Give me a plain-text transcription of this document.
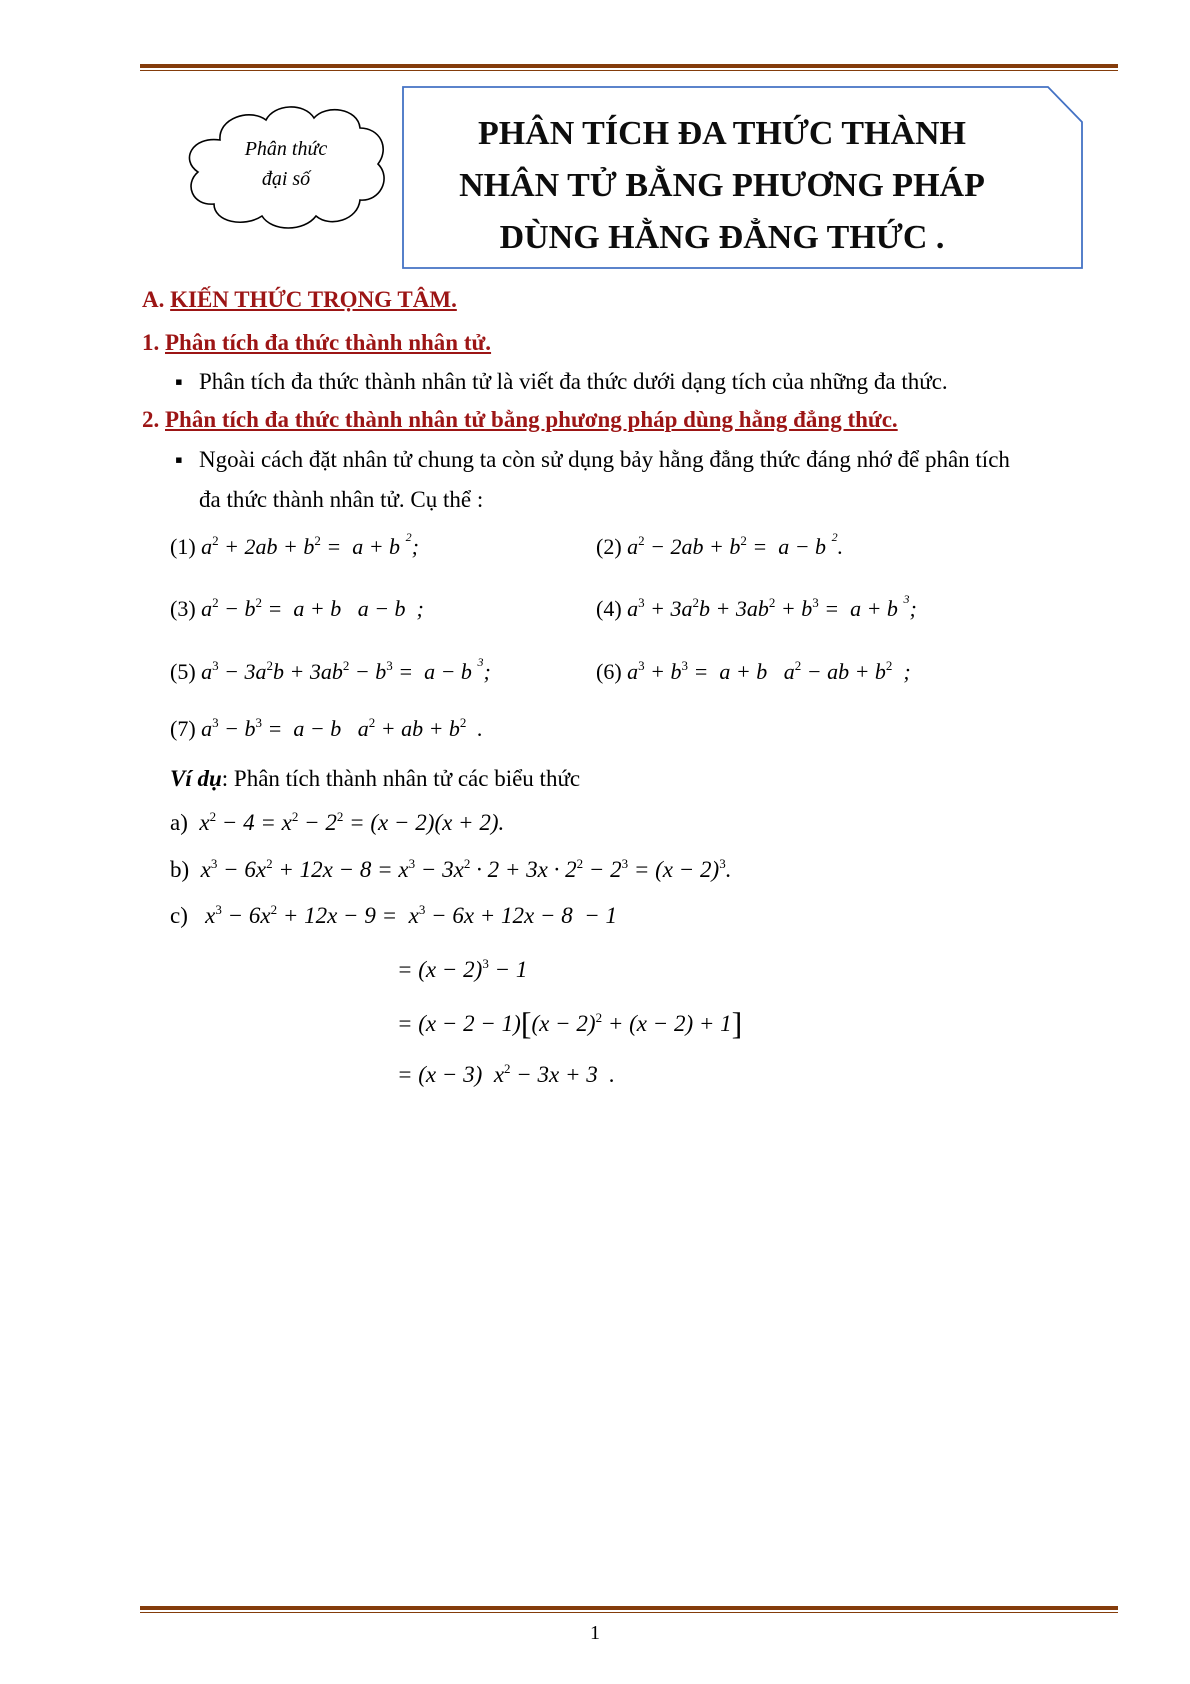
Phân thức
đại số
PHÂN TÍCH ĐA THỨC THÀNH
NHÂN TỬ BẰNG PHƯƠNG PHÁP
DÙNG HẰNG ĐẲNG THỨC .
A. KIẾN THỨC TRỌNG TÂM.
1. Phân tích đa thức thành nhân tử.
▪ Phân tích đa thức thành nhân tử là viết đa thức dưới dạng tích của những đa thức.
2. Phân tích đa thức thành nhân tử bằng phương pháp dùng hằng đẳng thức.
▪ Ngoài cách đặt nhân tử chung ta còn sử dụng bảy hằng đẳng thức đáng nhớ để phân tích
đa thức thành nhân tử. Cụ thể :
(1) $a^2 + 2ab + b^2 = a + b$ $^2$;	(2) $a^2 - 2ab + b^2 = a - b$ $^2$.
(3) $a^2 - b^2 = a + b$   a − b  ;	(4) $a^3 + 3a^2b + 3ab^2 + b^3 = a + b$ $^3$;
(5) $a^3 - 3a^2b + 3ab^2 - b^3 = a - b$ $^3$;	(6) $a^3 + b^3 = a + b$   $a^2$ − ab + $b^2$  ;
(7) $a^3 - b^3 = a - b$   $a^2$ + ab + $b^2$  .
Ví dụ: Phân tích thành nhân tử các biểu thức
a)  $x^2 - 4 = x^2 - 2^2 = (x - 2)(x + 2)$.
b)  $x^3 - 6x^2 + 12x - 8 = x^3 - 3x^2 \cdot 2 + 3x \cdot 2^2 - 2^3 = (x - 2)^3$.
c)   $x^3 - 6x^2 + 12x - 9 = x^3 - 6x + 12x - 8 - 1$
= $(x - 2)^3 - 1$
= $(x - 2 - 1)[(x - 2)^2 + (x - 2) + 1]$
= (x − 3)  $x^2 - 3x + 3$  .
1
